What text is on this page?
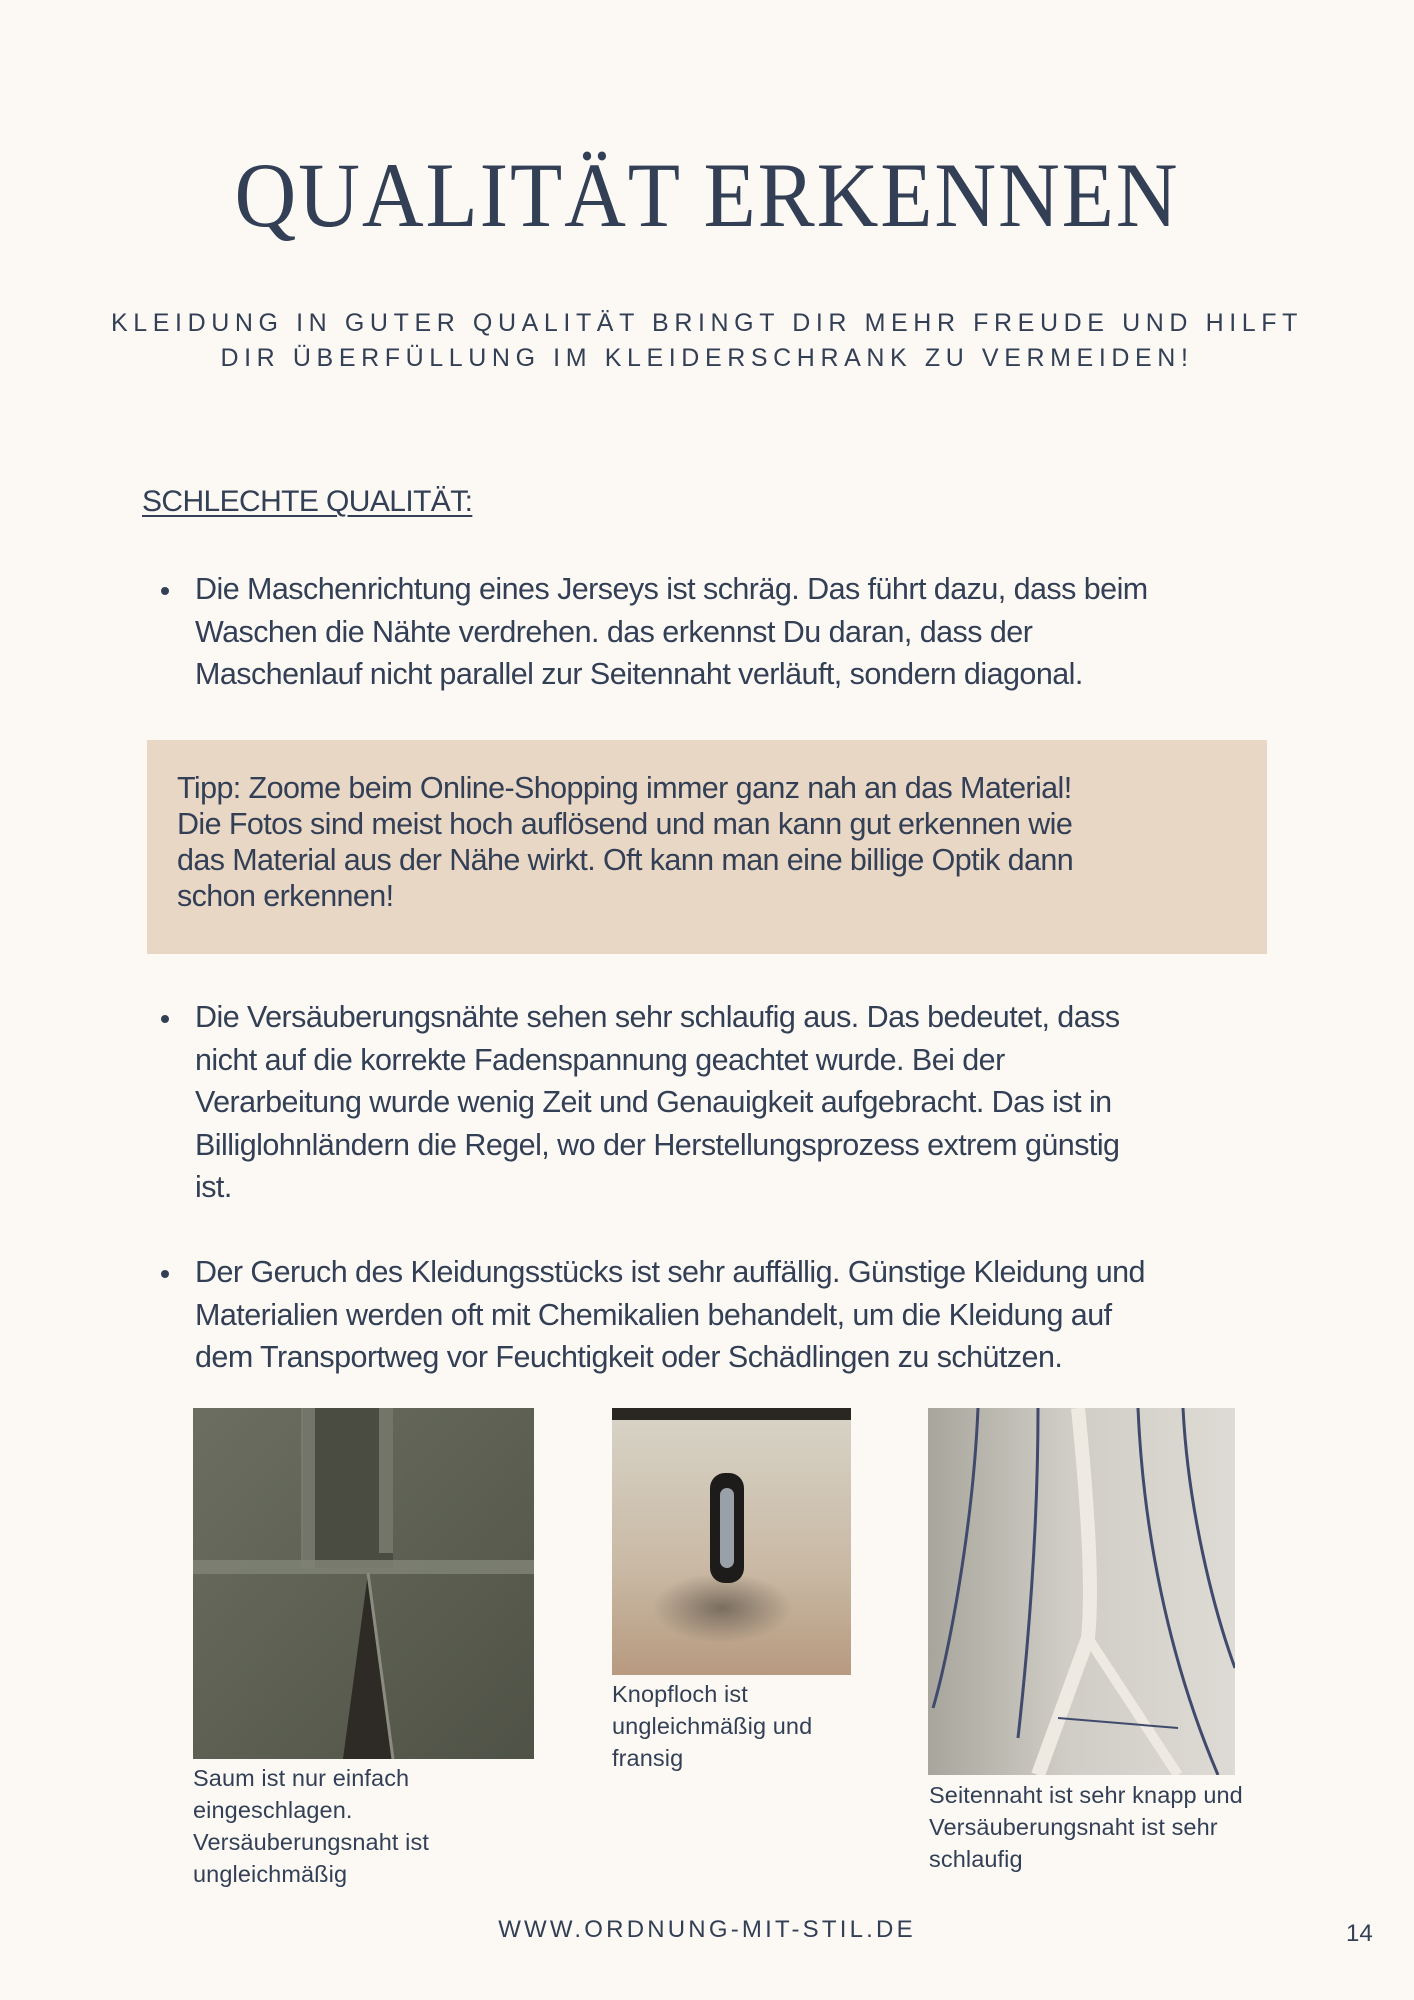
QUALITÄT ERKENNEN
KLEIDUNG IN GUTER QUALITÄT BRINGT DIR MEHR FREUDE UND HILFT
DIR ÜBERFÜLLUNG IM KLEIDERSCHRANK ZU VERMEIDEN!
SCHLECHTE QUALITÄT:
Die Maschenrichtung eines Jerseys ist schräg. Das führt dazu, dass beim
Waschen die Nähte verdrehen. das erkennst Du daran, dass der
Maschenlauf nicht parallel zur Seitennaht verläuft, sondern diagonal.
Tipp: Zoome beim Online-Shopping immer ganz nah an das Material!
Die Fotos sind meist hoch auflösend und man kann gut erkennen wie
das Material aus der Nähe wirkt. Oft kann man eine billige Optik dann
schon erkennen!
Die Versäuberungsnähte sehen sehr schlaufig aus. Das bedeutet, dass
nicht auf die korrekte Fadenspannung geachtet wurde. Bei der
Verarbeitung wurde wenig Zeit und Genauigkeit aufgebracht. Das ist in
Billiglohnländern die Regel, wo der Herstellungsprozess extrem günstig
ist.
Der Geruch des Kleidungsstücks ist sehr auffällig. Günstige Kleidung und
Materialien werden oft mit Chemikalien behandelt, um die Kleidung auf
dem Transportweg vor Feuchtigkeit oder Schädlingen zu schützen.
Saum ist nur einfach
eingeschlagen.
Versäuberungsnaht ist
ungleichmäßig
Knopfloch ist
ungleichmäßig und
fransig
Seitennaht ist sehr knapp und
Versäuberungsnaht ist sehr
schlaufig
WWW.ORDNUNG-MIT-STIL.DE	14
